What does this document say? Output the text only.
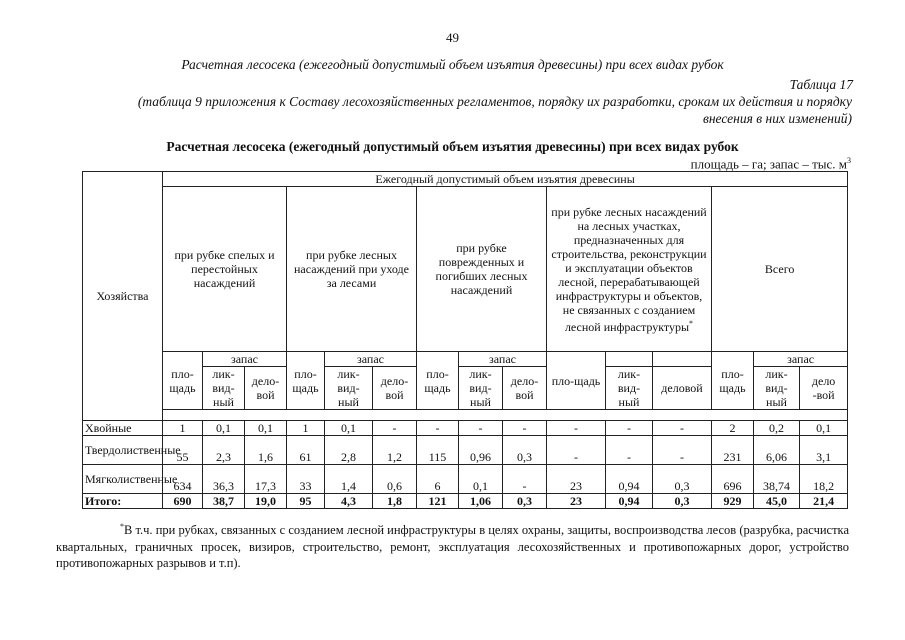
49
Расчетная лесосека (ежегодный допустимый объем изъятия древесины) при всех видах рубок
Таблица 17
(таблица 9 приложения к Составу лесохозяйственных регламентов, порядку их разработки, срокам их действия и порядку внесения в них изменений)
Расчетная лесосека (ежегодный допустимый объем изъятия древесины) при всех видах рубок
площадь – га; запас – тыс. $м^3$
Хозяйства	Ежегодный допустимый объем изъятия древесины														
	при рубке спелых и перестойных насаждений			при рубке лесных насаждений при уходе за лесами			при рубке поврежденных и погибших лесных насаждений			при рубке лесных насаждений на лесных участках, предназначенных для строительства, реконструкции и эксплуатации объектов лесной, перерабатывающей инфраструктуры и объектов, не связанных с созданием лесной инфраструктуры*			Всего		
	пло-щадь	запас		пло-щадь	запас		пло-щадь	запас		пло-щадь			пло-щадь	запас	
		лик-вид-ный	дело-вой		лик-вид-ный	дело-вой		лик-вид-ный	дело-вой		лик-вид-ный	деловой		лик-вид-ный	дело -вой

Хвойные	1	0,1	0,1	1	0,1	-	-	-	-	-	-	-	2	0,2	0,1
Твердолиственные	55	2,3	1,6	61	2,8	1,2	115	0,96	0,3	-	-	-	231	6,06	3,1
Мягколиственные	634	36,3	17,3	33	1,4	0,6	6	0,1	-	23	0,94	0,3	696	38,74	18,2
Итого:	690	38,7	19,0	95	4,3	1,8	121	1,06	0,3	23	0,94	0,3	929	45,0	21,4
*В т.ч. при рубках, связанных с созданием лесной инфраструктуры в целях охраны, защиты, воспроизводства лесов (разрубка, расчистка квартальных, граничных просек, визиров, строительство, ремонт, эксплуатация лесохозяйственных и противопожарных дорог, устройство противопожарных разрывов и т.п).
